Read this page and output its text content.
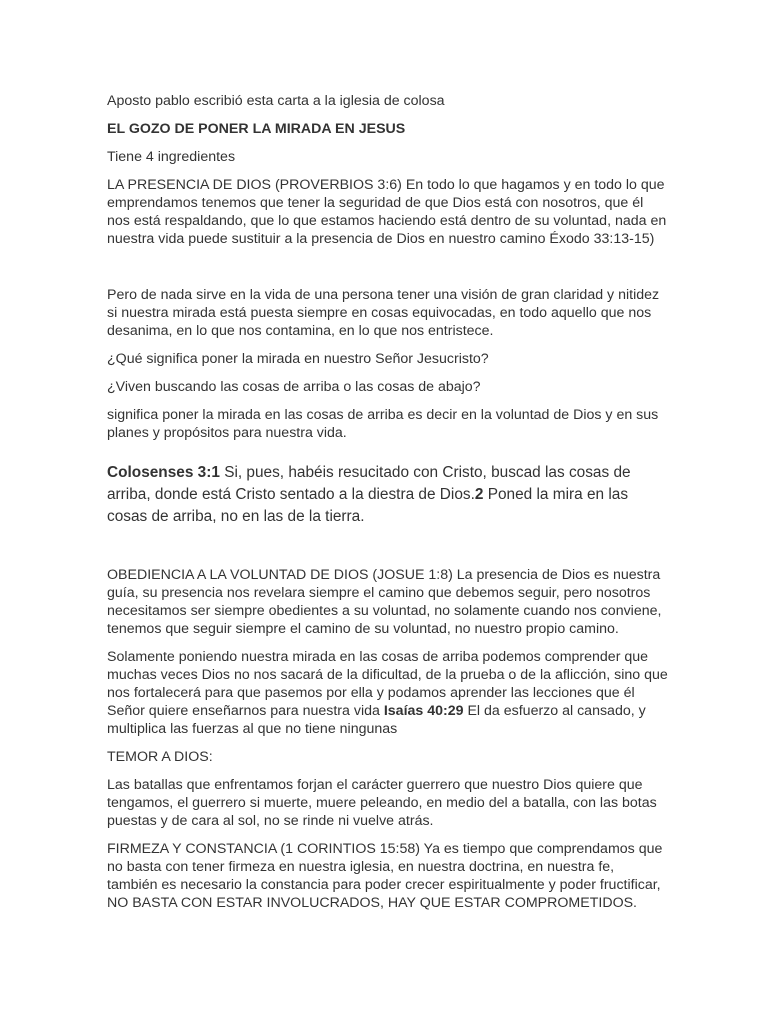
Aposto pablo escribió esta carta a la iglesia de colosa

EL GOZO DE PONER LA MIRADA EN JESUS

Tiene 4 ingredientes

LA PRESENCIA DE DIOS (PROVERBIOS 3:6) En todo lo que hagamos y en todo lo que emprendamos tenemos que tener la seguridad de que Dios está con nosotros, que él nos está respaldando, que lo que estamos haciendo está dentro de su voluntad, nada en nuestra vida puede sustituir a la presencia de Dios en nuestro camino Éxodo 33:13-15)

Pero de nada sirve en la vida de una persona tener una visión de gran claridad y nitidez si nuestra mirada está puesta siempre en cosas equivocadas, en todo aquello que nos desanima, en lo que nos contamina, en lo que nos entristece.

¿Qué significa poner la mirada en nuestro Señor Jesucristo?

¿Viven buscando las cosas de arriba o las cosas de abajo?

significa poner la mirada en las cosas de arriba es decir en la voluntad de Dios y en sus planes y propósitos para nuestra vida.

Colosenses 3:1 Si, pues, habéis resucitado con Cristo, buscad las cosas de arriba, donde está Cristo sentado a la diestra de Dios.2 Poned la mira en las cosas de arriba, no en las de la tierra.

OBEDIENCIA A LA VOLUNTAD DE DIOS (JOSUE 1:8) La presencia de Dios es nuestra guía, su presencia nos revelara siempre el camino que debemos seguir, pero nosotros necesitamos ser siempre obedientes a su voluntad, no solamente cuando nos conviene, tenemos que seguir siempre el camino de su voluntad, no nuestro propio camino.

Solamente poniendo nuestra mirada en las cosas de arriba podemos comprender que muchas veces Dios no nos sacará de la dificultad, de la prueba o de la aflicción, sino que nos fortalecerá para que pasemos por ella y podamos aprender las lecciones que él Señor quiere enseñarnos para nuestra vida Isaías 40:29 El da esfuerzo al cansado, y multiplica las fuerzas al que no tiene ningunas

TEMOR A DIOS:

Las batallas que enfrentamos forjan el carácter guerrero que nuestro Dios quiere que tengamos, el guerrero si muerte, muere peleando, en medio del a batalla, con las botas puestas y de cara al sol, no se rinde ni vuelve atrás.

FIRMEZA Y CONSTANCIA (1 CORINTIOS 15:58) Ya es tiempo que comprendamos que no basta con tener firmeza en nuestra iglesia, en nuestra doctrina, en nuestra fe, también es necesario la constancia para poder crecer espiritualmente y poder fructificar, NO BASTA CON ESTAR INVOLUCRADOS, HAY QUE ESTAR COMPROMETIDOS.
